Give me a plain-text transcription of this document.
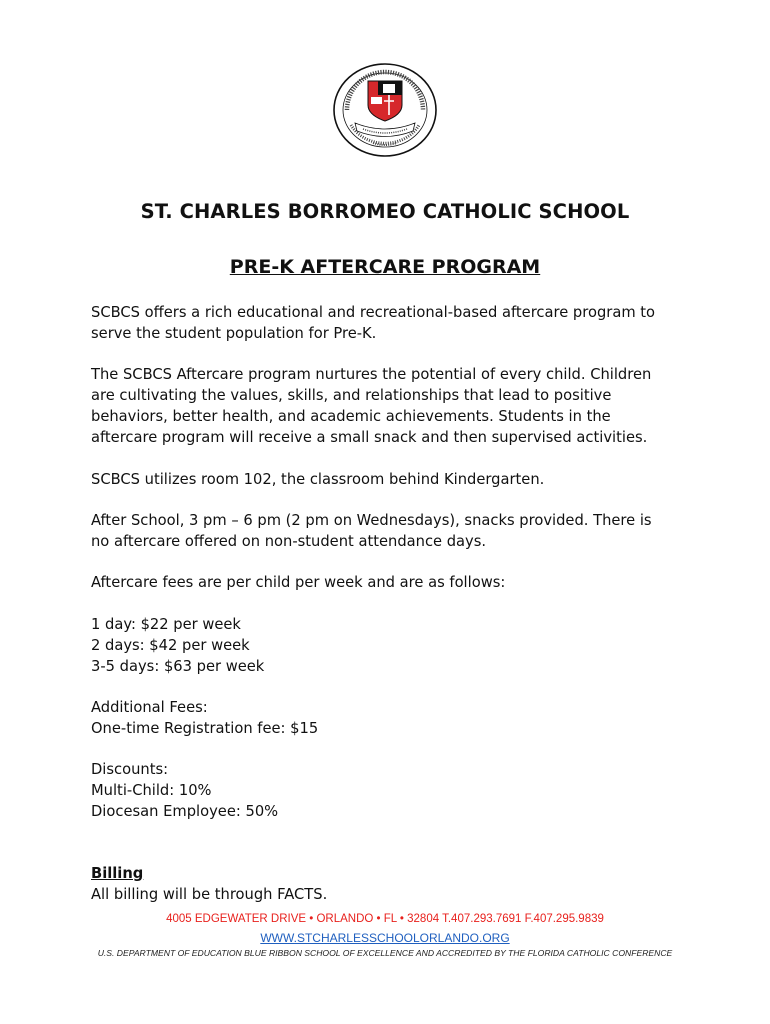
ST. CHARLES BORROMEO CATHOLIC SCHOOL
PRE-K AFTERCARE PROGRAM
SCBCS offers a rich educational and recreational-based aftercare program to
serve the student population for Pre-K.
The SCBCS Aftercare program nurtures the potential of every child. Children
are cultivating the values, skills, and relationships that lead to positive
behaviors, better health, and academic achievements. Students in the
aftercare program will receive a small snack and then supervised activities.
SCBCS utilizes room 102, the classroom behind Kindergarten.
After School, 3 pm – 6 pm (2 pm on Wednesdays), snacks provided. There is
no aftercare offered on non-student attendance days.
Aftercare fees are per child per week and are as follows:
1 day: $22 per week
2 days: $42 per week
3-5 days: $63 per week
Additional Fees:
One-time Registration fee: $15
Discounts:
Multi-Child: 10%
Diocesan Employee: 50%
Billing
All billing will be through FACTS.
4005 EDGEWATER DRIVE • ORLANDO • FL • 32804 T.407.293.7691 F.407.295.9839
WWW.STCHARLESSCHOOLORLANDO.ORG
U.S. DEPARTMENT OF EDUCATION BLUE RIBBON SCHOOL OF EXCELLENCE AND ACCREDITED BY THE FLORIDA CATHOLIC CONFERENCE
